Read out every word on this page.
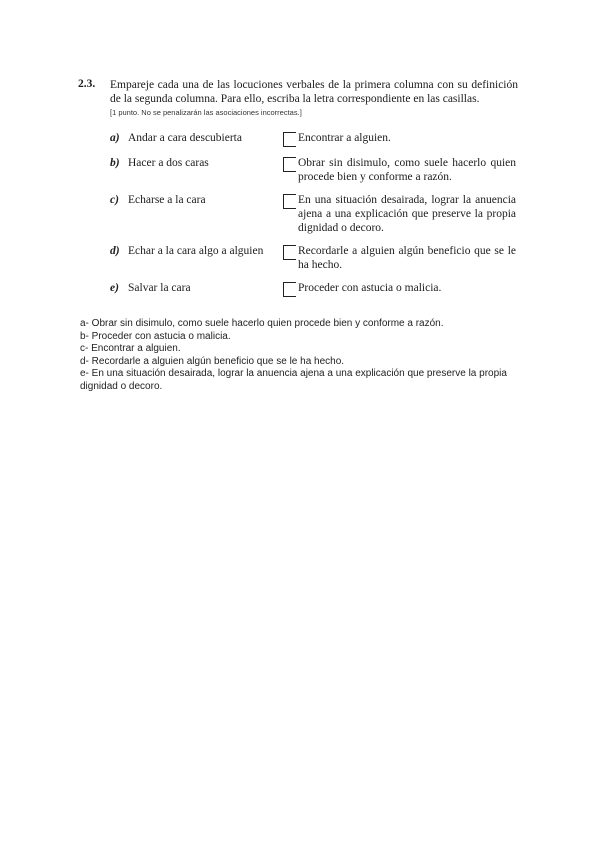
2.3.	Empareje cada una de las locuciones verbales de la primera columna con su definición de la segunda columna. Para ello, escriba la letra correspondiente en las casillas.
[1 punto. No se penalizarán las asociaciones incorrectas.]
a) Andar a cara descubierta	Encontrar a alguien.
b) Hacer a dos caras	Obrar sin disimulo, como suele hacerlo quien procede bien y conforme a razón.
c) Echarse a la cara	En una situación desairada, lograr la anuencia ajena a una explicación que preserve la propia dignidad o decoro.
d) Echar a la cara algo a alguien	Recordarle a alguien algún beneficio que se le ha hecho.
e) Salvar la cara	Proceder con astucia o malicia.
a- Obrar sin disimulo, como suele hacerlo quien procede bien y conforme a razón.
b- Proceder con astucia o malicia.
c- Encontrar a alguien.
d- Recordarle a alguien algún beneficio que se le ha hecho.
e- En una situación desairada, lograr la anuencia ajena a una explicación que preserve la propia dignidad o decoro.
